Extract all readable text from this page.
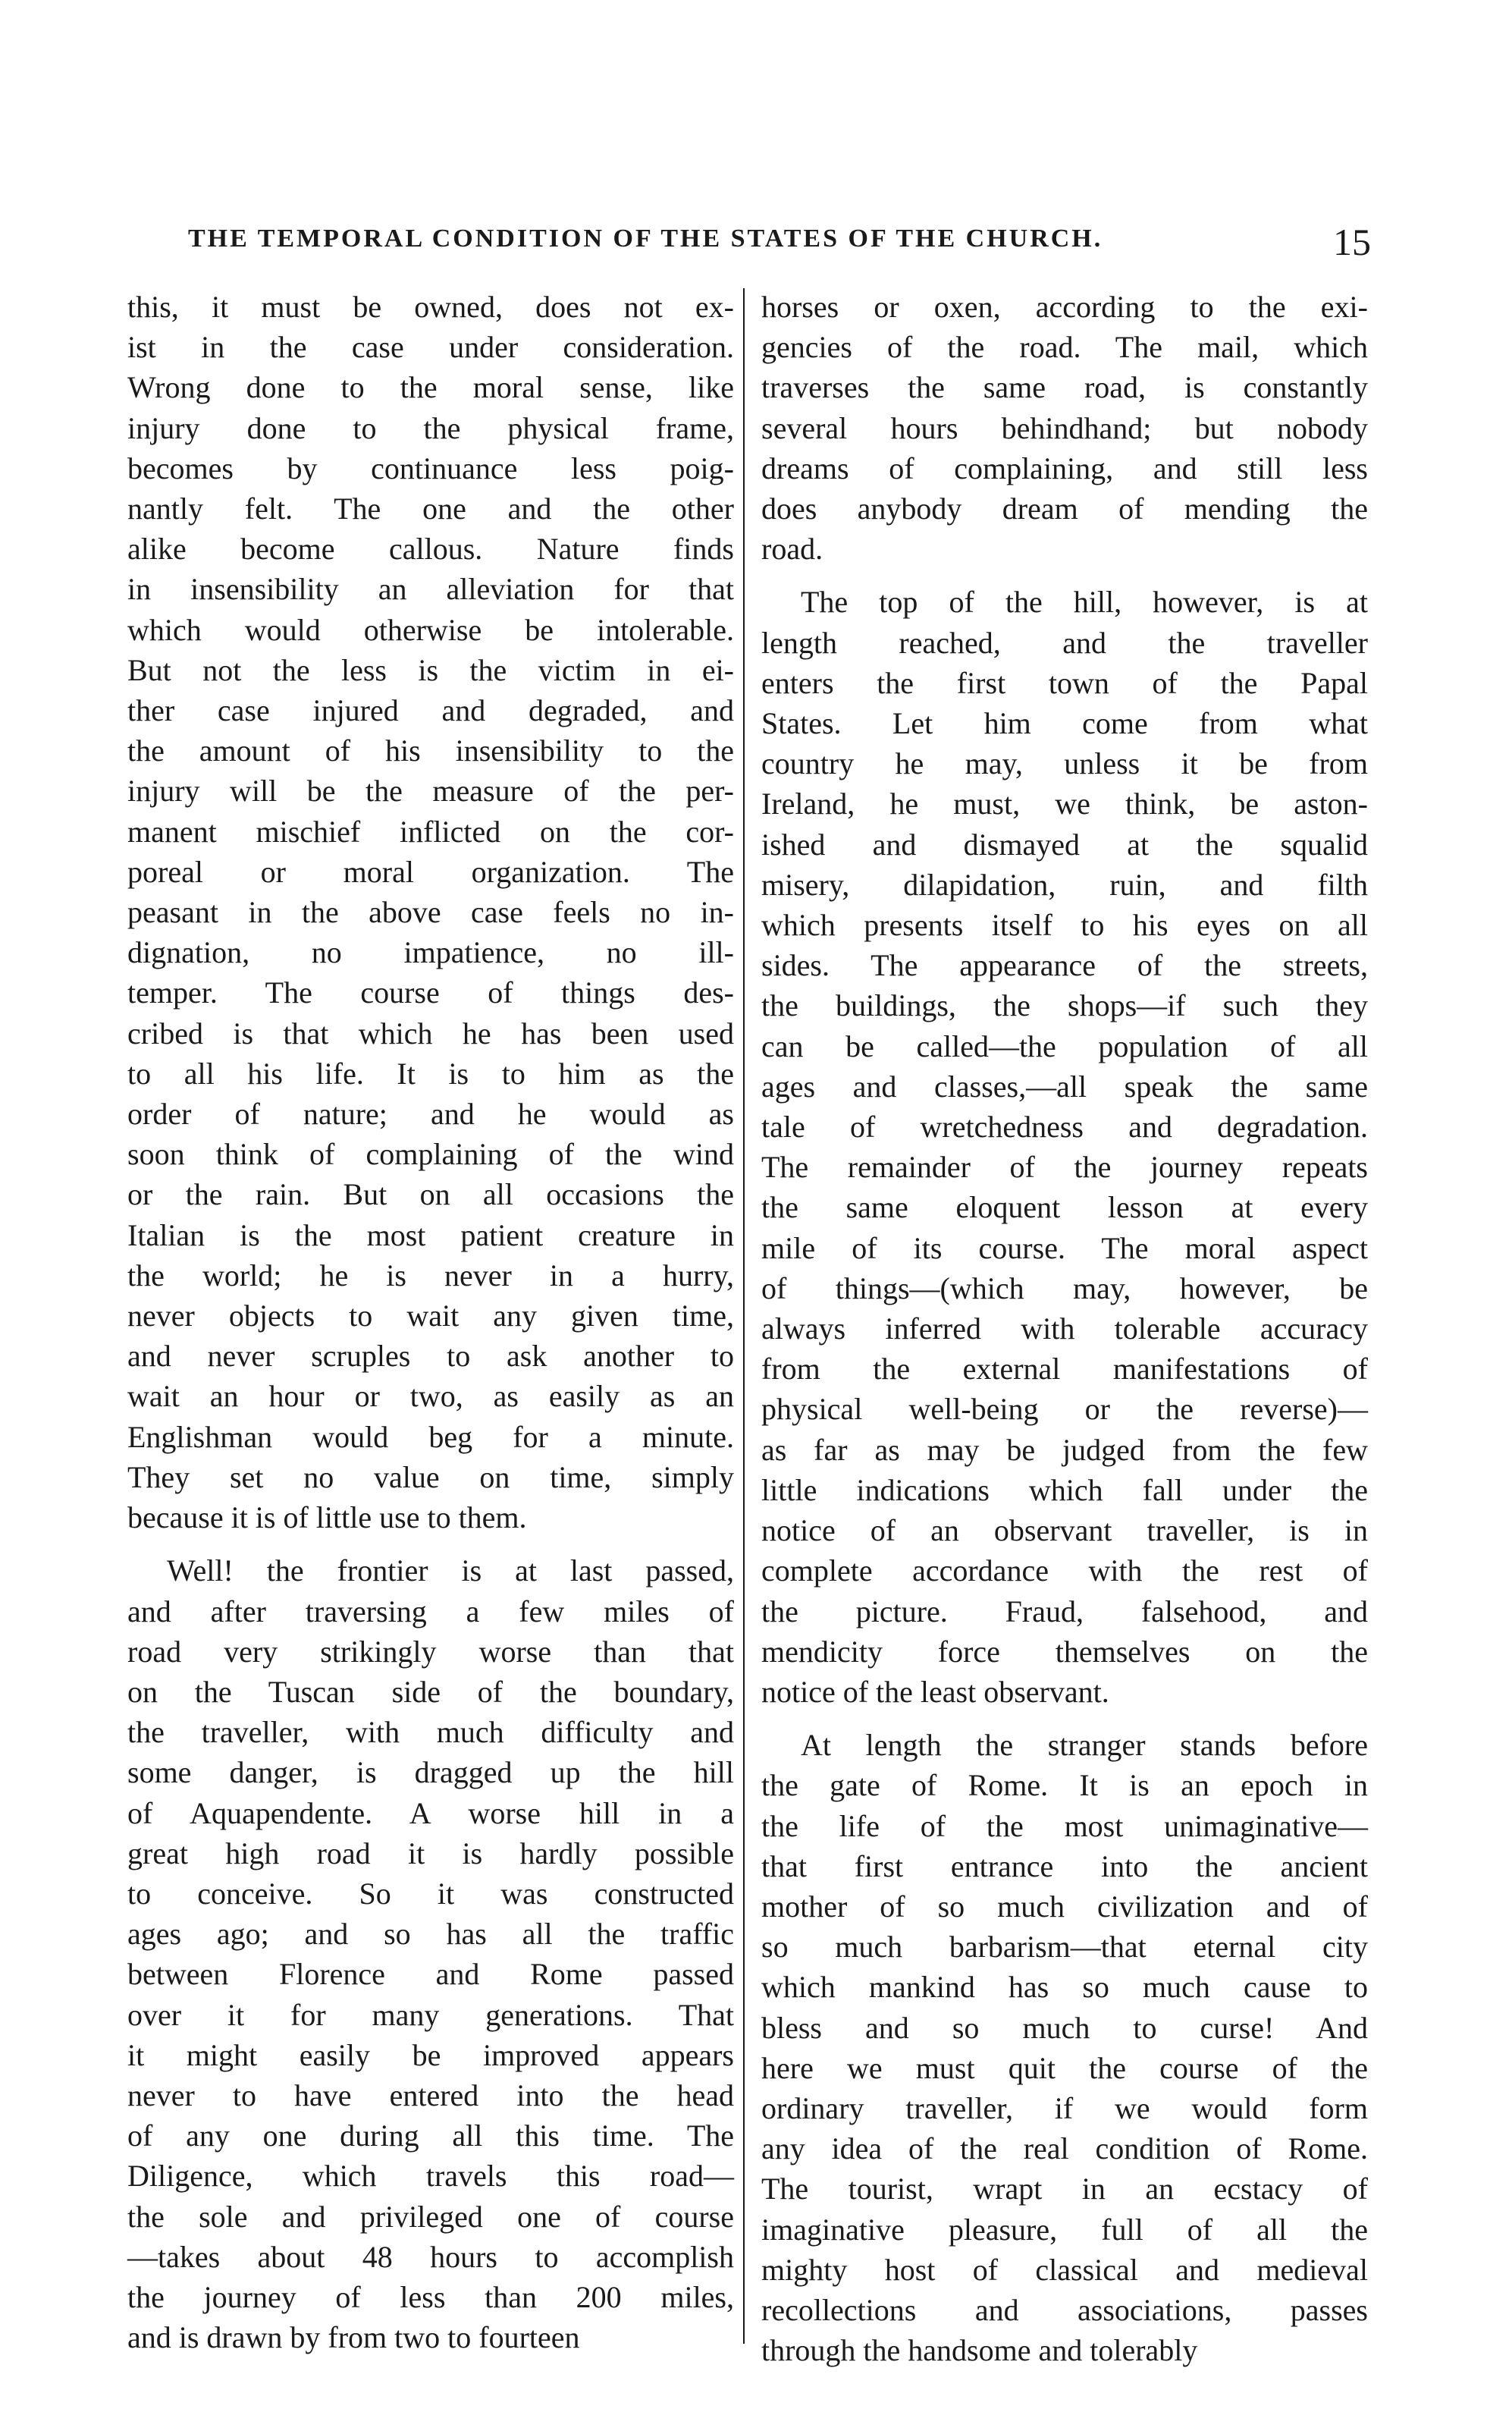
THE TEMPORAL CONDITION OF THE STATES OF THE CHURCH.	15

this, it must be owned, does not ex-
ist in the case under consideration.
Wrong done to the moral sense, like
injury done to the physical frame,
becomes by continuance less poig-
nantly felt. The one and the other
alike become callous. Nature finds
in insensibility an alleviation for that
which would otherwise be intolerable.
But not the less is the victim in ei-
ther case injured and degraded, and
the amount of his insensibility to the
injury will be the measure of the per-
manent mischief inflicted on the cor-
poreal or moral organization. The
peasant in the above case feels no in-
dignation, no impatience, no ill-
temper. The course of things des-
cribed is that which he has been used
to all his life. It is to him as the
order of nature; and he would as
soon think of complaining of the wind
or the rain. But on all occasions the
Italian is the most patient creature in
the world; he is never in a hurry,
never objects to wait any given time,
and never scruples to ask another to
wait an hour or two, as easily as an
Englishman would beg for a minute.
They set no value on time, simply
because it is of little use to them.

Well! the frontier is at last passed,
and after traversing a few miles of
road very strikingly worse than that
on the Tuscan side of the boundary,
the traveller, with much difficulty and
some danger, is dragged up the hill
of Aquapendente. A worse hill in a
great high road it is hardly possible
to conceive. So it was constructed
ages ago; and so has all the traffic
between Florence and Rome passed
over it for many generations. That
it might easily be improved appears
never to have entered into the head
of any one during all this time. The
Diligence, which travels this road—
the sole and privileged one of course
—takes about 48 hours to accomplish
the journey of less than 200 miles,
and is drawn by from two to fourteen

horses or oxen, according to the exi-
gencies of the road. The mail, which
traverses the same road, is constantly
several hours behindhand; but nobody
dreams of complaining, and still less
does anybody dream of mending the
road.

The top of the hill, however, is at
length reached, and the traveller
enters the first town of the Papal
States. Let him come from what
country he may, unless it be from
Ireland, he must, we think, be aston-
ished and dismayed at the squalid
misery, dilapidation, ruin, and filth
which presents itself to his eyes on all
sides. The appearance of the streets,
the buildings, the shops—if such they
can be called—the population of all
ages and classes,—all speak the same
tale of wretchedness and degradation.
The remainder of the journey repeats
the same eloquent lesson at every
mile of its course. The moral aspect
of things—(which may, however, be
always inferred with tolerable accuracy
from the external manifestations of
physical well-being or the reverse)—
as far as may be judged from the few
little indications which fall under the
notice of an observant traveller, is in
complete accordance with the rest of
the picture. Fraud, falsehood, and
mendicity force themselves on the
notice of the least observant.

At length the stranger stands before
the gate of Rome. It is an epoch in
the life of the most unimaginative—
that first entrance into the ancient
mother of so much civilization and of
so much barbarism—that eternal city
which mankind has so much cause to
bless and so much to curse! And
here we must quit the course of the
ordinary traveller, if we would form
any idea of the real condition of Rome.
The tourist, wrapt in an ecstacy of
imaginative pleasure, full of all the
mighty host of classical and medieval
recollections and associations, passes
through the handsome and tolerably
